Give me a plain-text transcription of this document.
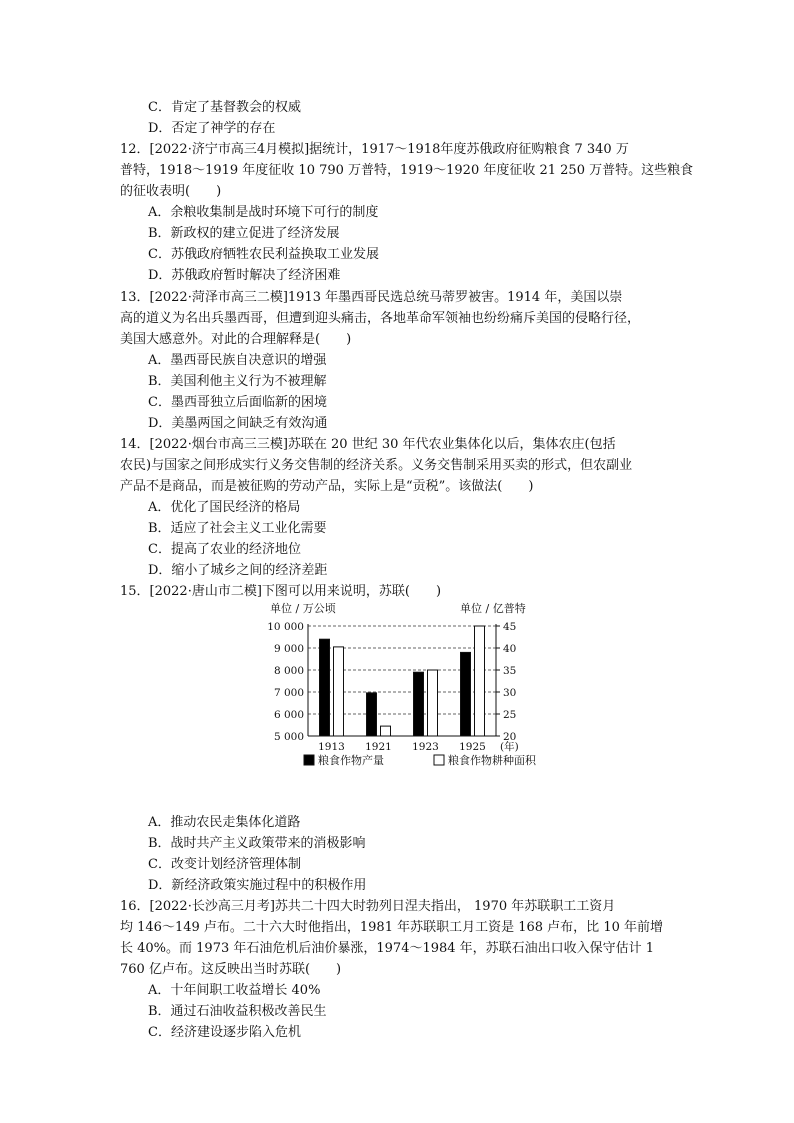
C．肯定了基督教会的权威
D．否定了神学的存在
12．[2022·济宁市高三4月模拟]据统计，1917～1918年度苏俄政府征购粮食 7 340 万
普特，1918～1919 年度征收 10 790 万普特，1919～1920 年度征收 21 250 万普特。这些粮食
的征收表明(　　)
A．余粮收集制是战时环境下可行的制度
B．新政权的建立促进了经济发展
C．苏俄政府牺牲农民利益换取工业发展
D．苏俄政府暂时解决了经济困难
13．[2022·菏泽市高三二模]1913 年墨西哥民选总统马蒂罗被害。1914 年，美国以崇
高的道义为名出兵墨西哥，但遭到迎头痛击，各地革命军领袖也纷纷痛斥美国的侵略行径，
美国大感意外。对此的合理解释是(　　)
A．墨西哥民族自决意识的增强
B．美国利他主义行为不被理解
C．墨西哥独立后面临新的困境
D．美墨两国之间缺乏有效沟通
14．[2022·烟台市高三三模]苏联在 20 世纪 30 年代农业集体化以后，集体农庄(包括
农民)与国家之间形成实行义务交售制的经济关系。义务交售制采用买卖的形式，但农副业
产品不是商品，而是被征购的劳动产品，实际上是“贡税”。该做法(　　)
A．优化了国民经济的格局
B．适应了社会主义工业化需要
C．提高了农业的经济地位
D．缩小了城乡之间的经济差距
15．[2022·唐山市二模]下图可以用来说明，苏联(　　)
A．推动农民走集体化道路
B．战时共产主义政策带来的消极影响
C．改变计划经济管理体制
D．新经济政策实施过程中的积极作用
16．[2022·长沙高三月考]苏共二十四大时勃列日涅夫指出， 1970 年苏联职工工资月
均 146～149 卢布。二十六大时他指出，1981 年苏联职工月工资是 168 卢布，比 10 年前增
长 40%。而 1973 年石油危机后油价暴涨，1974～1984 年，苏联石油出口收入保守估计 1
760 亿卢布。这反映出当时苏联(　　)
A．十年间职工收益增长 40%
B．通过石油收益积极改善民生
C．经济建设逐步陷入危机
单位 / 万公顷	单位 / 亿普特
5 000
6 000
7 000
8 000
9 000
10 000
20
25
30
35
40
45
1913 1921 1923 1925 (年)
粮食作物产量	粮食作物耕种面积
